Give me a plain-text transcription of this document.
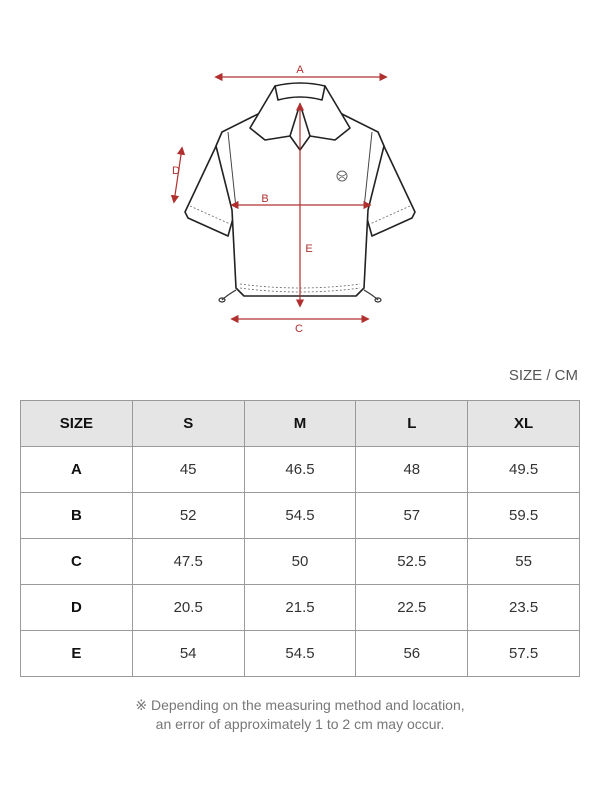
A
B
C
D
E
SIZE / CM
SIZE	S	M	L	XL
A	45	46.5	48	49.5
B	52	54.5	57	59.5
C	47.5	50	52.5	55
D	20.5	21.5	22.5	23.5
E	54	54.5	56	57.5
※ Depending on the measuring method and location,
an error of approximately 1 to 2 cm may occur.
